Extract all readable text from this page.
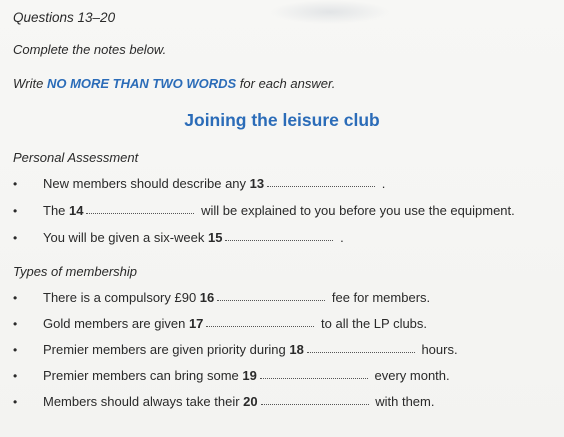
Questions 13–20
Complete the notes below.
Write NO MORE THAN TWO WORDS for each answer.
Joining the leisure club
Personal Assessment
• New members should describe any 13	.
• The 14	will be explained to you before you use the equipment.
• You will be given a six-week 15	.
Types of membership
• There is a compulsory £90 16	fee for members.
• Gold members are given 17	to all the LP clubs.
• Premier members are given priority during 18	hours.
• Premier members can bring some 19	every month.
• Members should always take their 20	with them.
